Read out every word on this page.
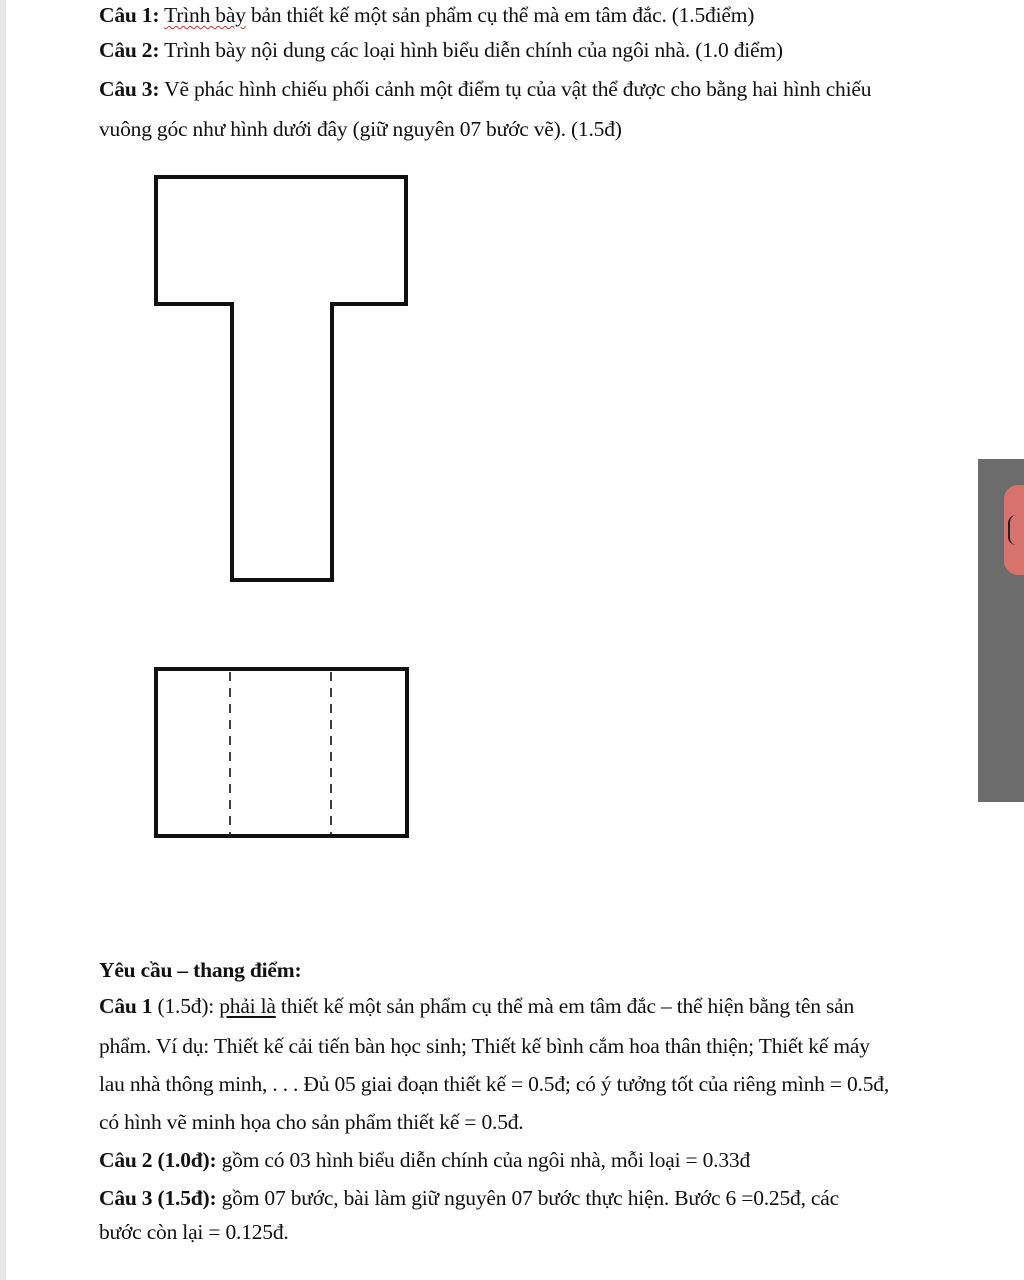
Câu 1: Trình bày bản thiết kế một sản phẩm cụ thể mà em tâm đắc. (1.5điểm)
Câu 2: Trình bày nội dung các loại hình biểu diễn chính của ngôi nhà. (1.0 điểm)
Câu 3: Vẽ phác hình chiếu phối cảnh một điểm tụ của vật thể được cho bằng hai hình chiếu
vuông góc như hình dưới đây (giữ nguyên 07 bước vẽ). (1.5đ)
Yêu cầu – thang điểm:
Câu 1 (1.5đ): phải là thiết kế một sản phẩm cụ thể mà em tâm đắc – thể hiện bằng tên sản
phẩm. Ví dụ: Thiết kế cải tiến bàn học sinh; Thiết kế bình cắm hoa thân thiện; Thiết kế máy
lau nhà thông minh, . . . Đủ 05 giai đoạn thiết kế = 0.5đ; có ý tưởng tốt của riêng mình = 0.5đ,
có hình vẽ minh họa cho sản phẩm thiết kế = 0.5đ.
Câu 2 (1.0đ): gồm có 03 hình biểu diễn chính của ngôi nhà, mỗi loại = 0.33đ
Câu 3 (1.5đ): gồm 07 bước, bài làm giữ nguyên 07 bước thực hiện. Bước 6 =0.25đ, các
bước còn lại = 0.125đ.
